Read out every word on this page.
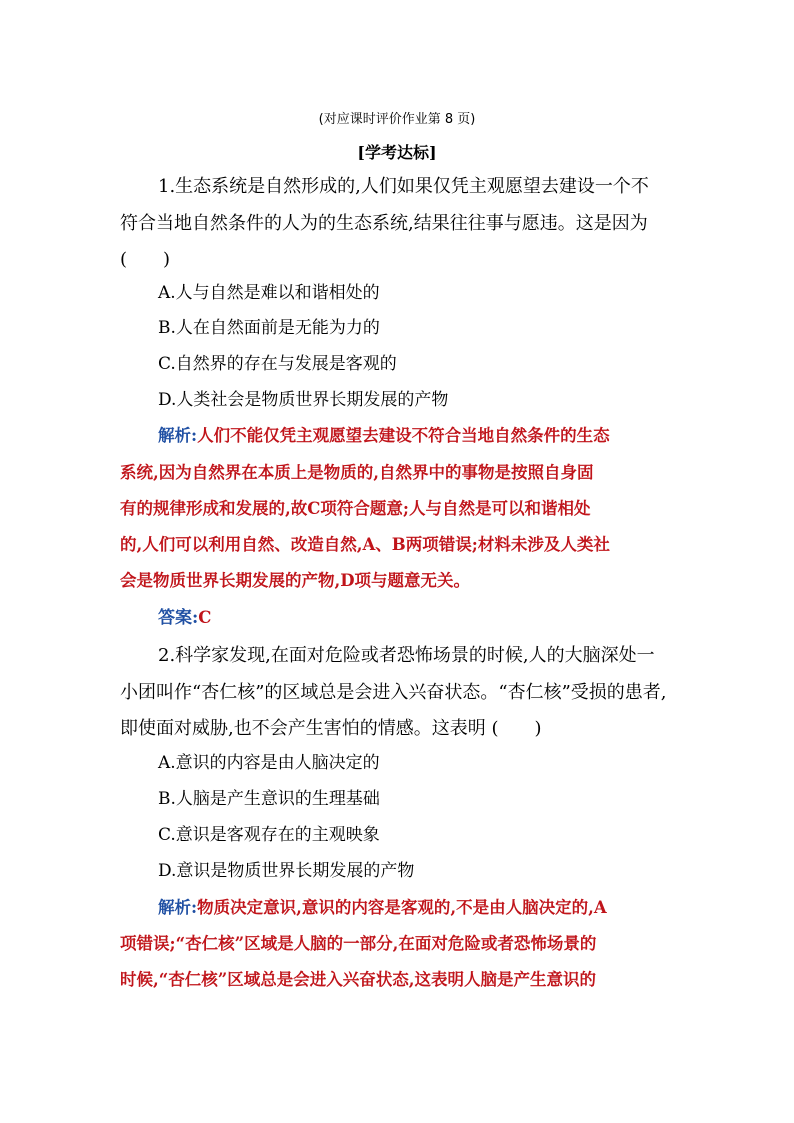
(对应课时评价作业第 8 页)
[学考达标]
1.生态系统是自然形成的,人们如果仅凭主观愿望去建设一个不
符合当地自然条件的人为的生态系统,结果往往事与愿违。这是因为
(　　)
A.人与自然是难以和谐相处的
B.人在自然面前是无能为力的
C.自然界的存在与发展是客观的
D.人类社会是物质世界长期发展的产物
解析:人们不能仅凭主观愿望去建设不符合当地自然条件的生态
系统,因为自然界在本质上是物质的,自然界中的事物是按照自身固
有的规律形成和发展的,故C项符合题意;人与自然是可以和谐相处
的,人们可以利用自然、改造自然,A、B两项错误;材料未涉及人类社
会是物质世界长期发展的产物,D项与题意无关。
答案:C
2.科学家发现,在面对危险或者恐怖场景的时候,人的大脑深处一
小团叫作“杏仁核”的区域总是会进入兴奋状态。“杏仁核”受损的患者,
即使面对威胁,也不会产生害怕的情感。这表明 (　　)
A.意识的内容是由人脑决定的
B.人脑是产生意识的生理基础
C.意识是客观存在的主观映象
D.意识是物质世界长期发展的产物
解析:物质决定意识,意识的内容是客观的,不是由人脑决定的,A
项错误;“杏仁核”区域是人脑的一部分,在面对危险或者恐怖场景的
时候,“杏仁核”区域总是会进入兴奋状态,这表明人脑是产生意识的
